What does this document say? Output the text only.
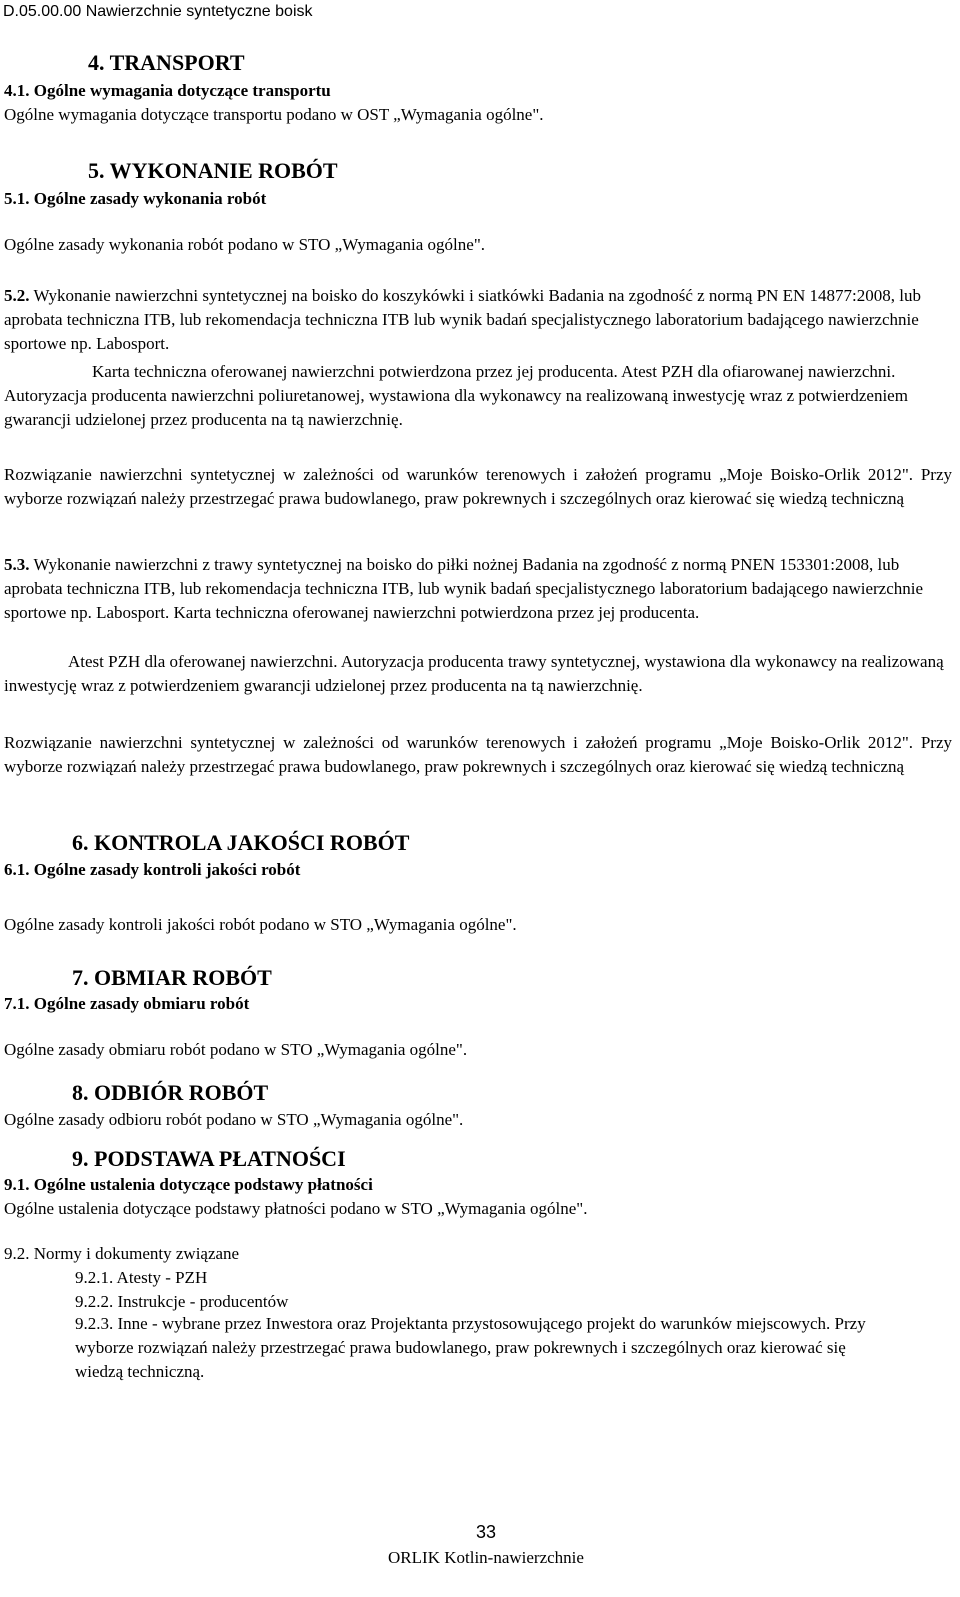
D.05.00.00 Nawierzchnie syntetyczne boisk
4. TRANSPORT
4.1. Ogólne wymagania dotyczące transportu
Ogólne wymagania dotyczące transportu podano w OST „Wymagania ogólne".
5. WYKONANIE ROBÓT
5.1. Ogólne zasady wykonania robót
Ogólne zasady wykonania robót podano w STO „Wymagania ogólne".
5.2. Wykonanie nawierzchni syntetycznej na boisko do koszykówki i siatkówki Badania na zgodność z normą PN EN 14877:2008, lub aprobata techniczna ITB, lub rekomendacja techniczna ITB lub wynik badań specjalistycznego laboratorium badającego nawierzchnie sportowe np. Labosport.
Karta techniczna oferowanej nawierzchni potwierdzona przez jej producenta. Atest PZH dla ofiarowanej nawierzchni. Autoryzacja producenta nawierzchni poliuretanowej, wystawiona dla wykonawcy na realizowaną inwestycję wraz z potwierdzeniem gwarancji udzielonej przez producenta na tą nawierzchnię.
Rozwiązanie nawierzchni syntetycznej w zależności od warunków terenowych i założeń programu „Moje Boisko-Orlik 2012". Przy wyborze rozwiązań należy przestrzegać prawa budowlanego, praw pokrewnych i szczególnych oraz kierować się wiedzą techniczną
5.3. Wykonanie nawierzchni z trawy syntetycznej na boisko do piłki nożnej Badania na zgodność z normą PNEN 153301:2008, lub aprobata techniczna ITB, lub rekomendacja techniczna ITB, lub wynik badań specjalistycznego laboratorium badającego nawierzchnie sportowe np. Labosport. Karta techniczna oferowanej nawierzchni potwierdzona przez jej producenta.
Atest PZH dla oferowanej nawierzchni. Autoryzacja producenta trawy syntetycznej, wystawiona dla wykonawcy na realizowaną inwestycję wraz z potwierdzeniem gwarancji udzielonej przez producenta na tą nawierzchnię.
Rozwiązanie nawierzchni syntetycznej w zależności od warunków terenowych i założeń programu „Moje Boisko-Orlik 2012". Przy wyborze rozwiązań należy przestrzegać prawa budowlanego, praw pokrewnych i szczególnych oraz kierować się wiedzą techniczną
6. KONTROLA JAKOŚCI ROBÓT
6.1. Ogólne zasady kontroli jakości robót
Ogólne zasady kontroli jakości robót podano w STO „Wymagania ogólne".
7. OBMIAR ROBÓT
7.1. Ogólne zasady obmiaru robót
Ogólne zasady obmiaru robót podano w STO „Wymagania ogólne".
8. ODBIÓR ROBÓT
Ogólne zasady odbioru robót podano w STO „Wymagania ogólne".
9. PODSTAWA PŁATNOŚCI
9.1. Ogólne ustalenia dotyczące podstawy płatności
Ogólne ustalenia dotyczące podstawy płatności podano w STO „Wymagania ogólne".
9.2. Normy i dokumenty związane
9.2.1. Atesty - PZH
9.2.2. Instrukcje - producentów
9.2.3. Inne - wybrane przez Inwestora oraz Projektanta przystosowującego projekt do warunków miejscowych. Przy wyborze rozwiązań należy przestrzegać prawa budowlanego, praw pokrewnych i szczególnych oraz kierować się wiedzą techniczną.
33
ORLIK Kotlin-nawierzchnie
